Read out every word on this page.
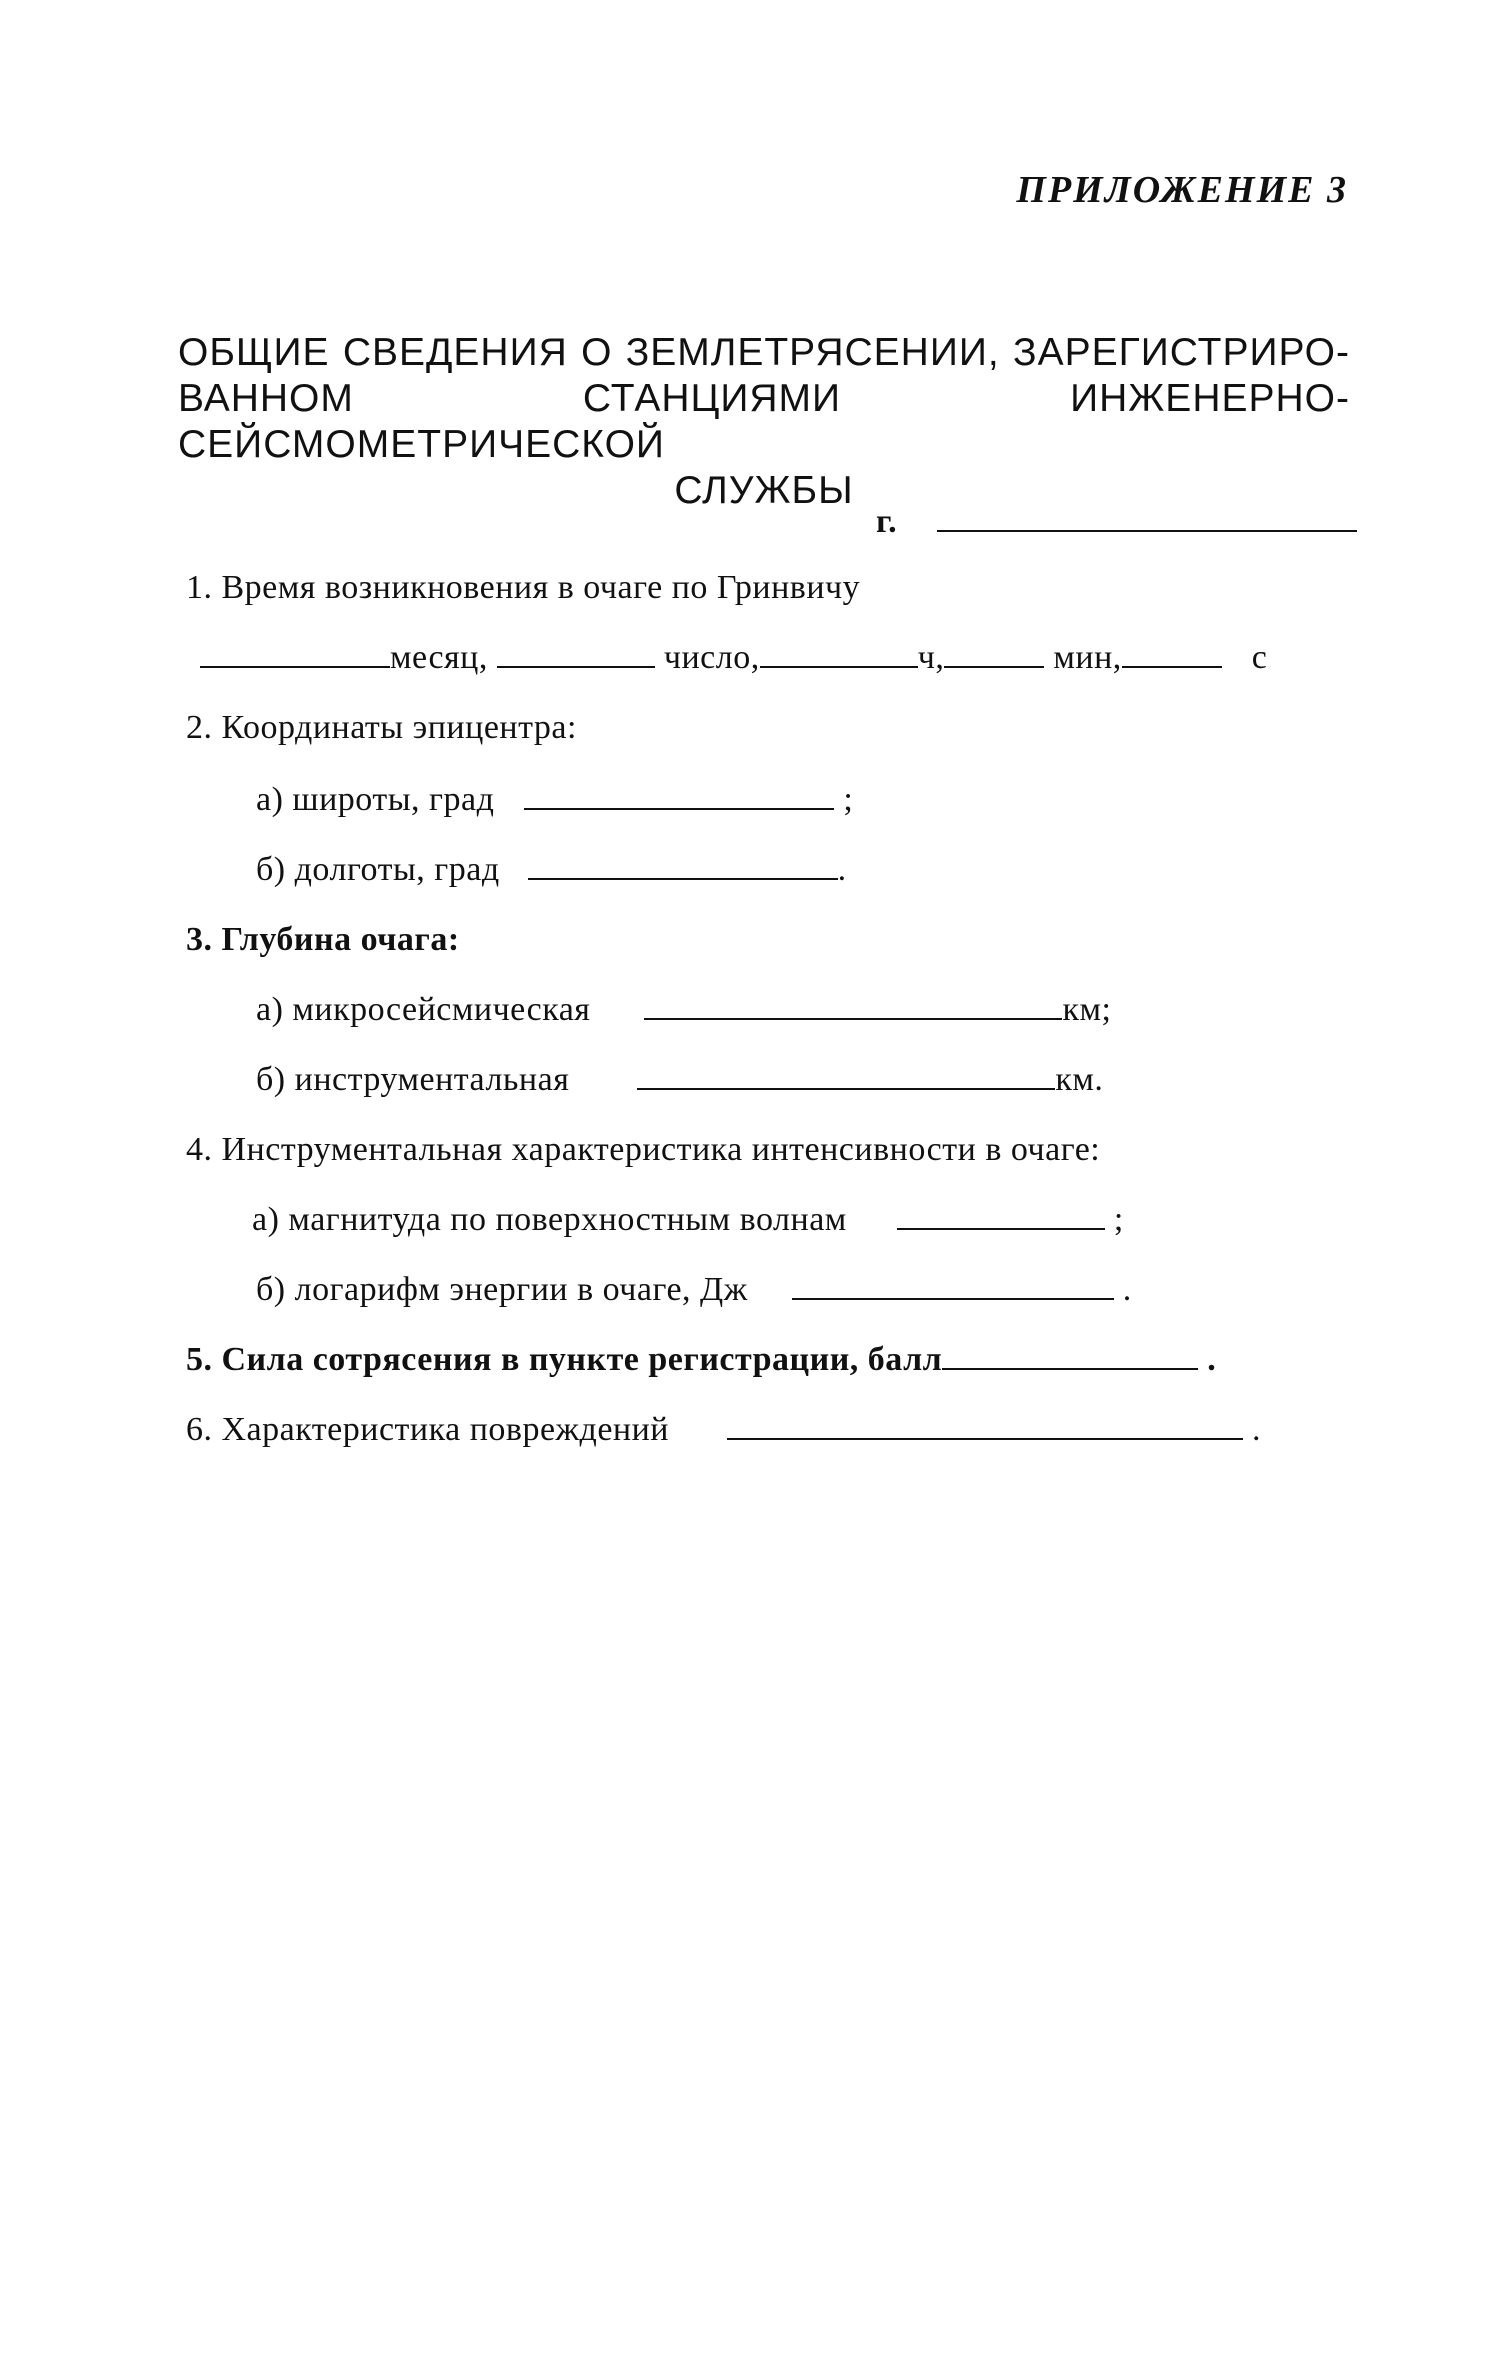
ПРИЛОЖЕНИЕ 3
ОБЩИЕ СВЕДЕНИЯ О ЗЕМЛЕТРЯСЕНИИ, ЗАРЕГИСТРИРО-
ВАННОМ СТАНЦИЯМИ ИНЖЕНЕРНО-СЕЙСМОМЕТРИЧЕСКОЙ
СЛУЖБЫ
г.
1. Время возникновения в очаге по Гринвичу
месяц,	число,	ч,	мин,	с
2. Координаты эпицентра:
а) широты, град	;
б) долготы, град	.
3. Глубина очага:
а) микросейсмическая	км;
б) инструментальная	км.
4. Инструментальная характеристика интенсивности в очаге:
а) магнитуда по поверхностным волнам	;
б) логарифм энергии в очаге, Дж	.
5. Сила сотрясения в пункте регистрации, балл	.
6. Характеристика повреждений	.
